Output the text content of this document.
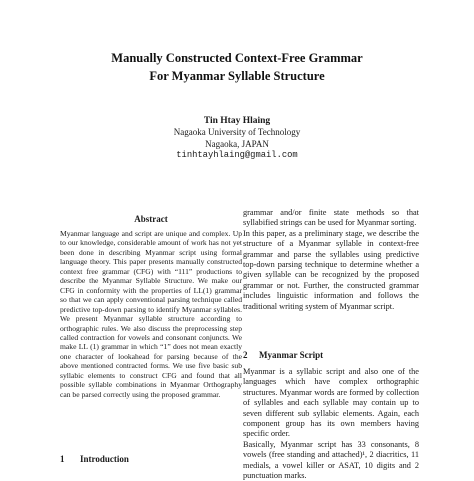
Manually Constructed Context-Free Grammar
For Myanmar Syllable Structure
Tin Htay Hlaing
Nagaoka University of Technology
Nagaoka, JAPAN
tinhtayhlaing@gmail.com
Abstract
Myanmar language and script are unique and complex. Up to our knowledge, considerable amount of work has not yet been done in describing Myanmar script using formal language theory. This paper presents manually constructed context free grammar (CFG) with “111” productions to describe the Myanmar Syllable Structure. We make our CFG in conformity with the properties of LL(1) grammar so that we can apply conventional parsing technique called predictive top-down parsing to identify Myanmar syllables. We present Myanmar syllable structure according to orthographic rules. We also discuss the preprocessing step called contraction for vowels and consonant conjuncts. We make LL (1) grammar in which “1” does not mean exactly one character of lookahead for parsing because of the above mentioned contracted forms. We use five basic sub syllabic elements to construct CFG and found that all possible syllable combinations in Myanmar Orthography can be parsed correctly using the proposed grammar.
1 Introduction

grammar and/or finite state methods so that syllabified strings can be used for Myanmar sorting.

In this paper, as a preliminary stage, we describe the structure of a Myanmar syllable in context-free grammar and parse the syllables using predictive top-down parsing technique to determine whether a given syllable can be recognized by the proposed grammar or not. Further, the constructed grammar includes linguistic information and follows the traditional writing system of Myanmar script.

2 Myanmar Script

Myanmar is a syllabic script and also one of the languages which have complex orthographic structures. Myanmar words are formed by collection of syllables and each syllable may contain up to seven different sub syllabic elements. Again, each component group has its own members having specific order.

Basically, Myanmar script has 33 consonants, 8 vowels (free standing and attached)¹, 2 diacritics, 11 medials, a vowel killer or ASAT, 10 digits and 2 punctuation marks.
